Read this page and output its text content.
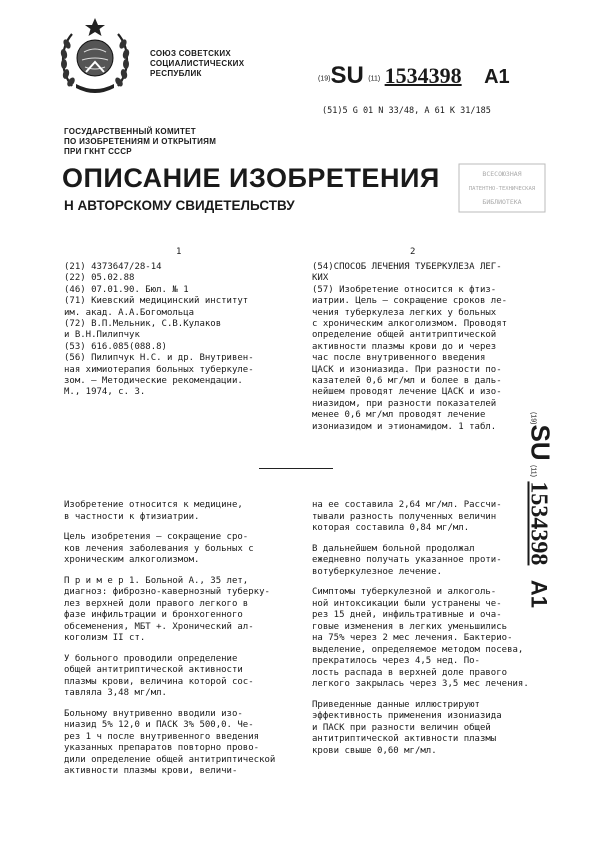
СОЮЗ СОВЕТСКИХ
СОЦИАЛИСТИЧЕСКИХ
РЕСПУБЛИК
(19)SU (11) 1534398 A1
(51)5 G 01 N 33/48, A 61 K 31/185
ГОСУДАРСТВЕННЫЙ КОМИТЕТ
ПО ИЗОБРЕТЕНИЯМ И ОТКРЫТИЯМ
ПРИ ГКНТ СССР
ОПИСАНИЕ ИЗОБРЕТЕНИЯ
Н АВТОРСКОМУ СВИДЕТЕЛЬСТВУ
ВСЕСОЮЗНАЯ
ПАТЕНТНО-ТЕХНИЧЕСКАЯ
БИБЛИОТЕКА
1	2
(21) 4373647/28-14
(22) 05.02.88
(46) 07.01.90. Бюл. № 1
(71) Киевский медицинский институт
им. акад. А.А.Богомольца
(72) В.П.Мельник, С.В.Кулаков
и В.Н.Пилипчук
(53) 616.085(088.8)
(56) Пилипчук Н.С. и др. Внутривен-
ная химиотерапия больных туберкуле-
зом. – Методические рекомендации.
М., 1974, с. 3.
(54)СПОСОБ ЛЕЧЕНИЯ ТУБЕРКУЛЕЗА ЛЕГ-
КИХ
(57) Изобретение относится к фтиз-
иатрии. Цель – сокращение сроков ле-
чения туберкулеза легких у больных
с хроническим алкоголизмом. Проводят
определение общей антитриптической
активности плазмы крови до и через
час после внутривенного введения
ЦАСК и изониазида. При разности по-
казателей 0,6 мг/мл и более в даль-
нейшем проводят лечение ЦАСК и изо-
ниазидом, при разности показателей
менее 0,6 мг/мл проводят лечение
изониазидом и этионамидом. 1 табл.
Изобретение относится к медицине,
в частности к фтизиатрии.
Цель изобретения – сокращение сро-
ков лечения заболевания у больных с
хроническим алкоголизмом.
П р и м е р 1. Больной А., 35 лет,
диагноз: фиброзно-кавернозный туберку-
лез верхней доли правого легкого в
фазе инфильтрации и бронхогенного
обсеменения, МБТ +. Хронический ал-
коголизм II ст.
У больного проводили определение
общей антитриптической активности
плазмы крови, величина которой сос-
тавляла 3,48 мг/мл.
Больному внутривенно вводили изо-
ниазид 5% 12,0 и ПАСК 3% 500,0. Че-
рез 1 ч после внутривенного введения
указанных препаратов повторно прово-
дили определение общей антитриптической
активности плазмы крови, величи-
на ее составила 2,64 мг/мл. Рассчи-
тывали разность полученных величин
которая составила 0,84 мг/мл.
В дальнейшем больной продолжал
ежедневно получать указанное проти-
вотуберкулезное лечение.
Симптомы туберкулезной и алкоголь-
ной интоксикации были устранены че-
рез 15 дней, инфильтративные и оча-
говые изменения в легких уменьшились
на 75% через 2 мес лечения. Бактерио-
выделение, определяемое методом посева,
прекратилось через 4,5 нед. По-
лость распада в верхней доле правого
легкого закрылась через 3,5 мес лечения.
Приведенные данные иллюстрируют
эффективность применения изониазида
и ПАСК при разности величин общей
антитриптической активности плазмы
крови свыше 0,60 мг/мл.
(19)SU (11) 1534398 A1
